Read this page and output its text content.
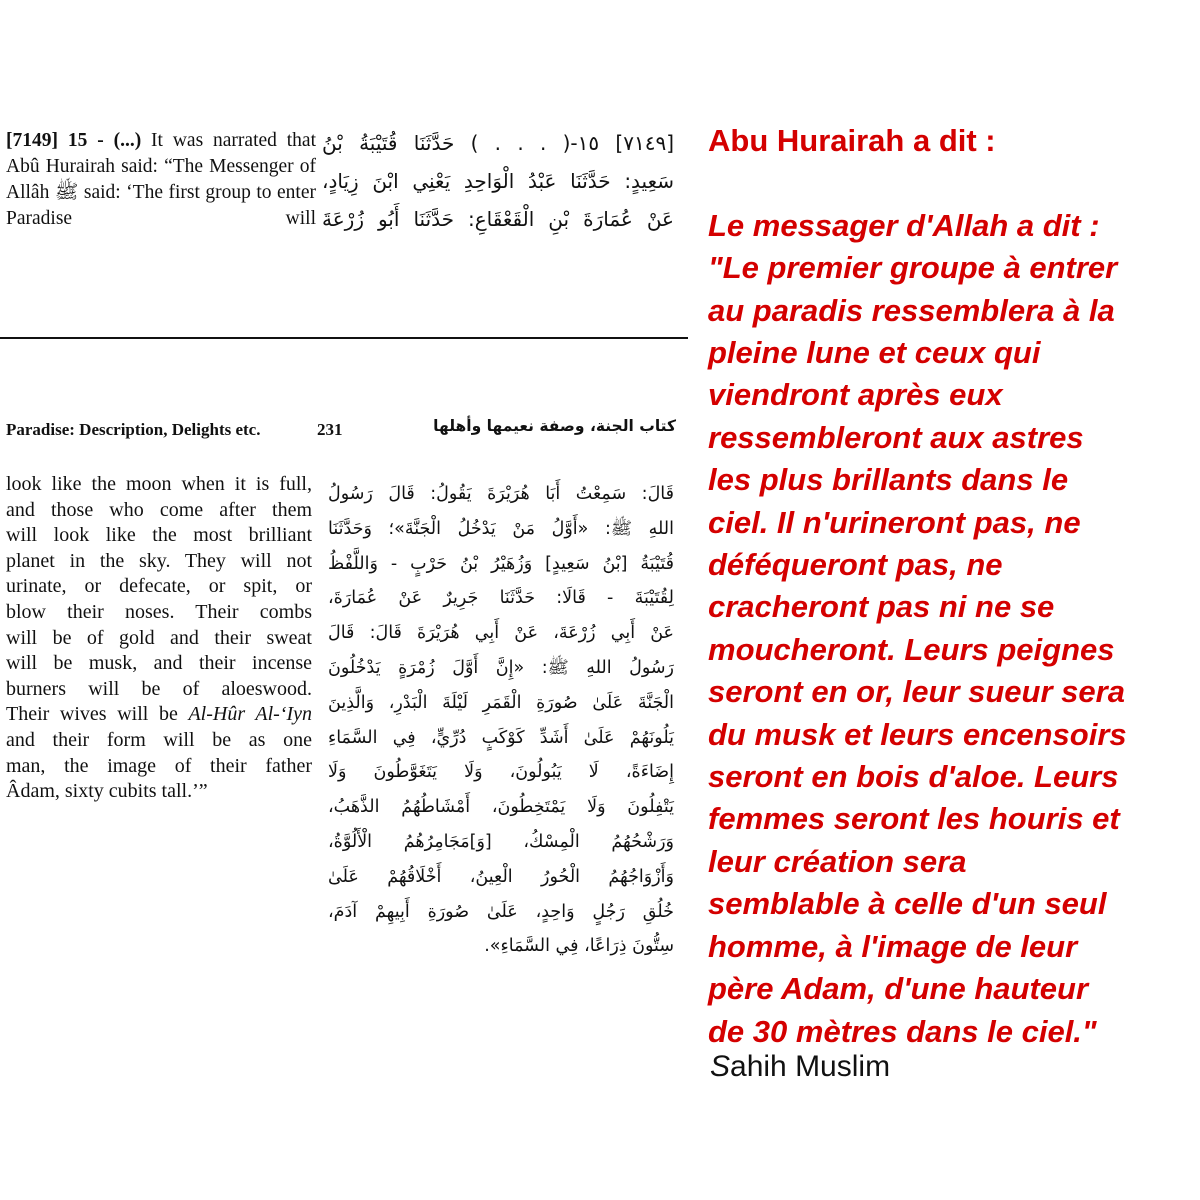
[7149] 15 - (...) It was narrated that Abû Hurairah said: “The Messenger of Allâh ﷺ said: ‘The first group to enter Paradise will
[٧١٤٩] ١٥-( . . . ) حَدَّثَنَا قُتَيْبَةُ بْنُ
سَعِيدٍ: حَدَّثَنَا عَبْدُ الْوَاحِدِ يَعْنِي ابْنَ زِيَادٍ،
عَنْ عُمَارَةَ بْنِ الْقَعْقَاعِ: حَدَّثَنَا أَبُو زُرْعَةَ
Paradise: Description, Delights etc.	231	كتاب الجنة، وصفة نعيمها وأهلها
look like the moon when it is full,
and those who come after them
will look like the most brilliant
planet in the sky. They will not
urinate, or defecate, or spit, or
blow their noses. Their combs
will be of gold and their sweat
will be musk, and their incense
burners will be of aloeswood.
Their wives will be Al-Hûr Al-‘Iyn
and their form will be as one
man, the image of their father
Âdam, sixty cubits tall.’”
قَالَ: سَمِعْتُ أَبَا هُرَيْرَةَ يَقُولُ: قَالَ رَسُولُ
اللهِ ﷺ: «أَوَّلُ مَنْ يَدْخُلُ الْجَنَّةَ»؛ وَحَدَّثَنَا
قُتَيْبَةُ [بْنُ سَعِيدٍ] وَزُهَيْرُ بْنُ حَرْبٍ - وَاللَّفْظُ
لِقُتَيْبَةَ - قَالَا: حَدَّثَنَا جَرِيرٌ عَنْ عُمَارَةَ،
عَنْ أَبِي زُرْعَةَ، عَنْ أَبِي هُرَيْرَةَ قَالَ: قَالَ
رَسُولُ اللهِ ﷺ: «إِنَّ أَوَّلَ زُمْرَةٍ يَدْخُلُونَ
الْجَنَّةَ عَلَىٰ صُورَةِ الْقَمَرِ لَيْلَةَ الْبَدْرِ، وَالَّذِينَ
يَلُونَهُمْ عَلَىٰ أَشَدِّ كَوْكَبٍ دُرِّيٍّ، فِي السَّمَاءِ
إِضَاءَةً، لَا يَبُولُونَ، وَلَا يَتَغَوَّطُونَ وَلَا
يَتْفِلُونَ وَلَا يَمْتَخِطُونَ، أَمْشَاطُهُمُ الذَّهَبُ،
وَرَشْحُهُمُ الْمِسْكُ، [وَ]مَجَامِرُهُمُ الْأَلُوَّةُ،
وَأَزْوَاجُهُمُ الْحُورُ الْعِينُ، أَخْلَاقُهُمْ عَلَىٰ
خُلُقِ رَجُلٍ وَاحِدٍ، عَلَىٰ صُورَةِ أَبِيهِمْ آدَمَ،
سِتُّونَ ذِرَاعًا، فِي السَّمَاءِ».
Abu Hurairah a dit :
Le messager d'Allah a dit :
"Le premier groupe à entrer
au paradis ressemblera à la
pleine lune et ceux qui
viendront après eux
ressembleront aux astres
les plus brillants dans le
ciel. Il n'urineront pas, ne
déféqueront pas, ne
cracheront pas ni ne se
moucheront. Leurs peignes
seront en or, leur sueur sera
du musk et leurs encensoirs
seront en bois d'aloe. Leurs
femmes seront les houris et
leur création sera
semblable à celle d'un seul
homme, à l'image de leur
père Adam, d'une hauteur
de 30 mètres dans le ciel."
Sahih Muslim
